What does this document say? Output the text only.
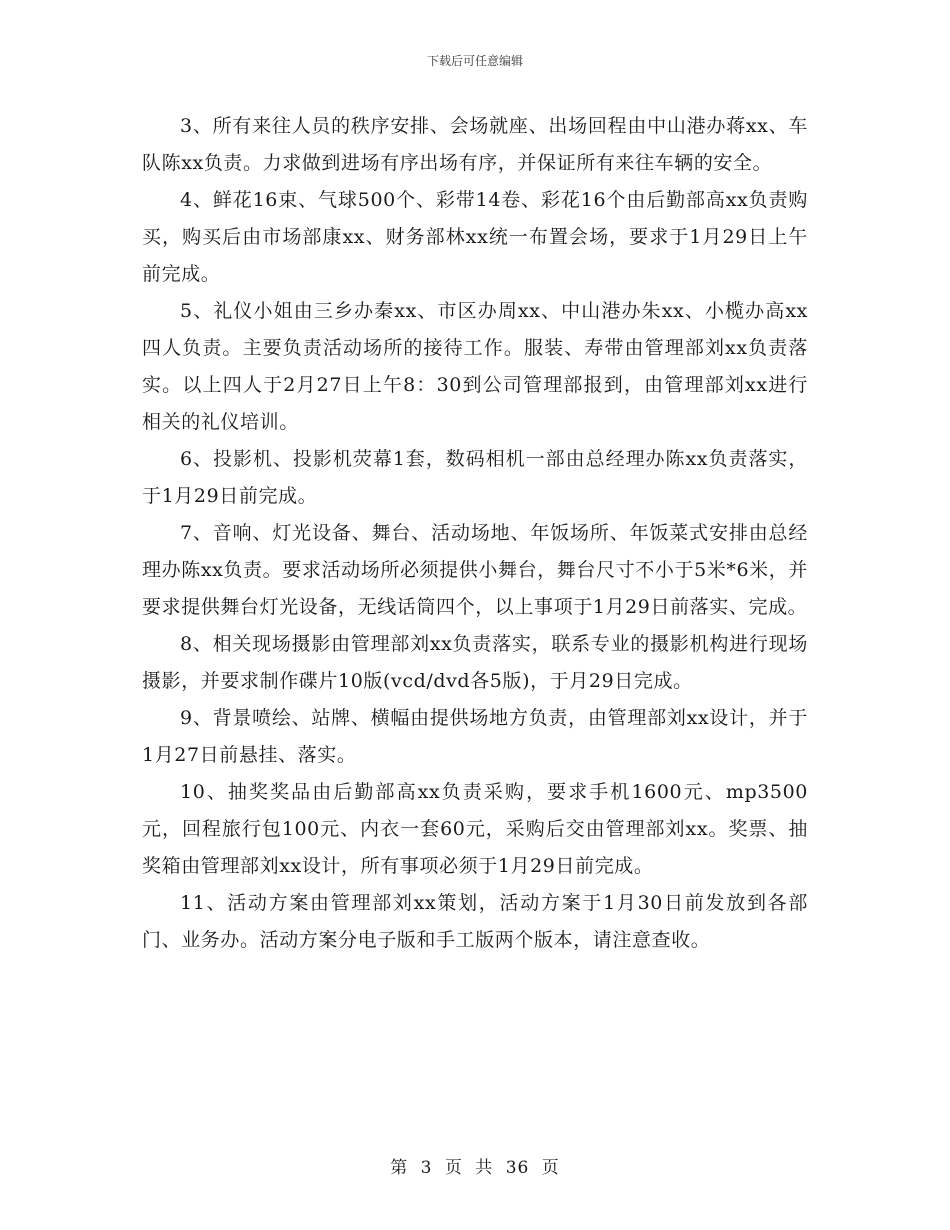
下载后可任意编辑

3、所有来往人员的秩序安排、会场就座、出场回程由中山港办蒋xx、车队陈xx负责。力求做到进场有序出场有序，并保证所有来往车辆的安全。

4、鲜花16束、气球500个、彩带14卷、彩花16个由后勤部高xx负责购买，购买后由市场部康xx、财务部林xx统一布置会场，要求于1月29日上午前完成。

5、礼仪小姐由三乡办秦xx、市区办周xx、中山港办朱xx、小榄办高xx四人负责。主要负责活动场所的接待工作。服装、寿带由管理部刘xx负责落实。以上四人于2月27日上午8：30到公司管理部报到，由管理部刘xx进行相关的礼仪培训。

6、投影机、投影机荧幕1套，数码相机一部由总经理办陈xx负责落实，于1月29日前完成。

7、音响、灯光设备、舞台、活动场地、年饭场所、年饭菜式安排由总经理办陈xx负责。要求活动场所必须提供小舞台，舞台尺寸不小于5米*6米，并要求提供舞台灯光设备，无线话筒四个，以上事项于1月29日前落实、完成。

8、相关现场摄影由管理部刘xx负责落实，联系专业的摄影机构进行现场摄影，并要求制作碟片10版(vcd/dvd各5版)，于月29日完成。

9、背景喷绘、站牌、横幅由提供场地方负责，由管理部刘xx设计，并于1月27日前悬挂、落实。

10、抽奖奖品由后勤部高xx负责采购，要求手机1600元、mp3500元，回程旅行包100元、内衣一套60元，采购后交由管理部刘xx。奖票、抽奖箱由管理部刘xx设计，所有事项必须于1月29日前完成。

11、活动方案由管理部刘xx策划，活动方案于1月30日前发放到各部门、业务办。活动方案分电子版和手工版两个版本，请注意查收。

第 3 页 共 36 页
